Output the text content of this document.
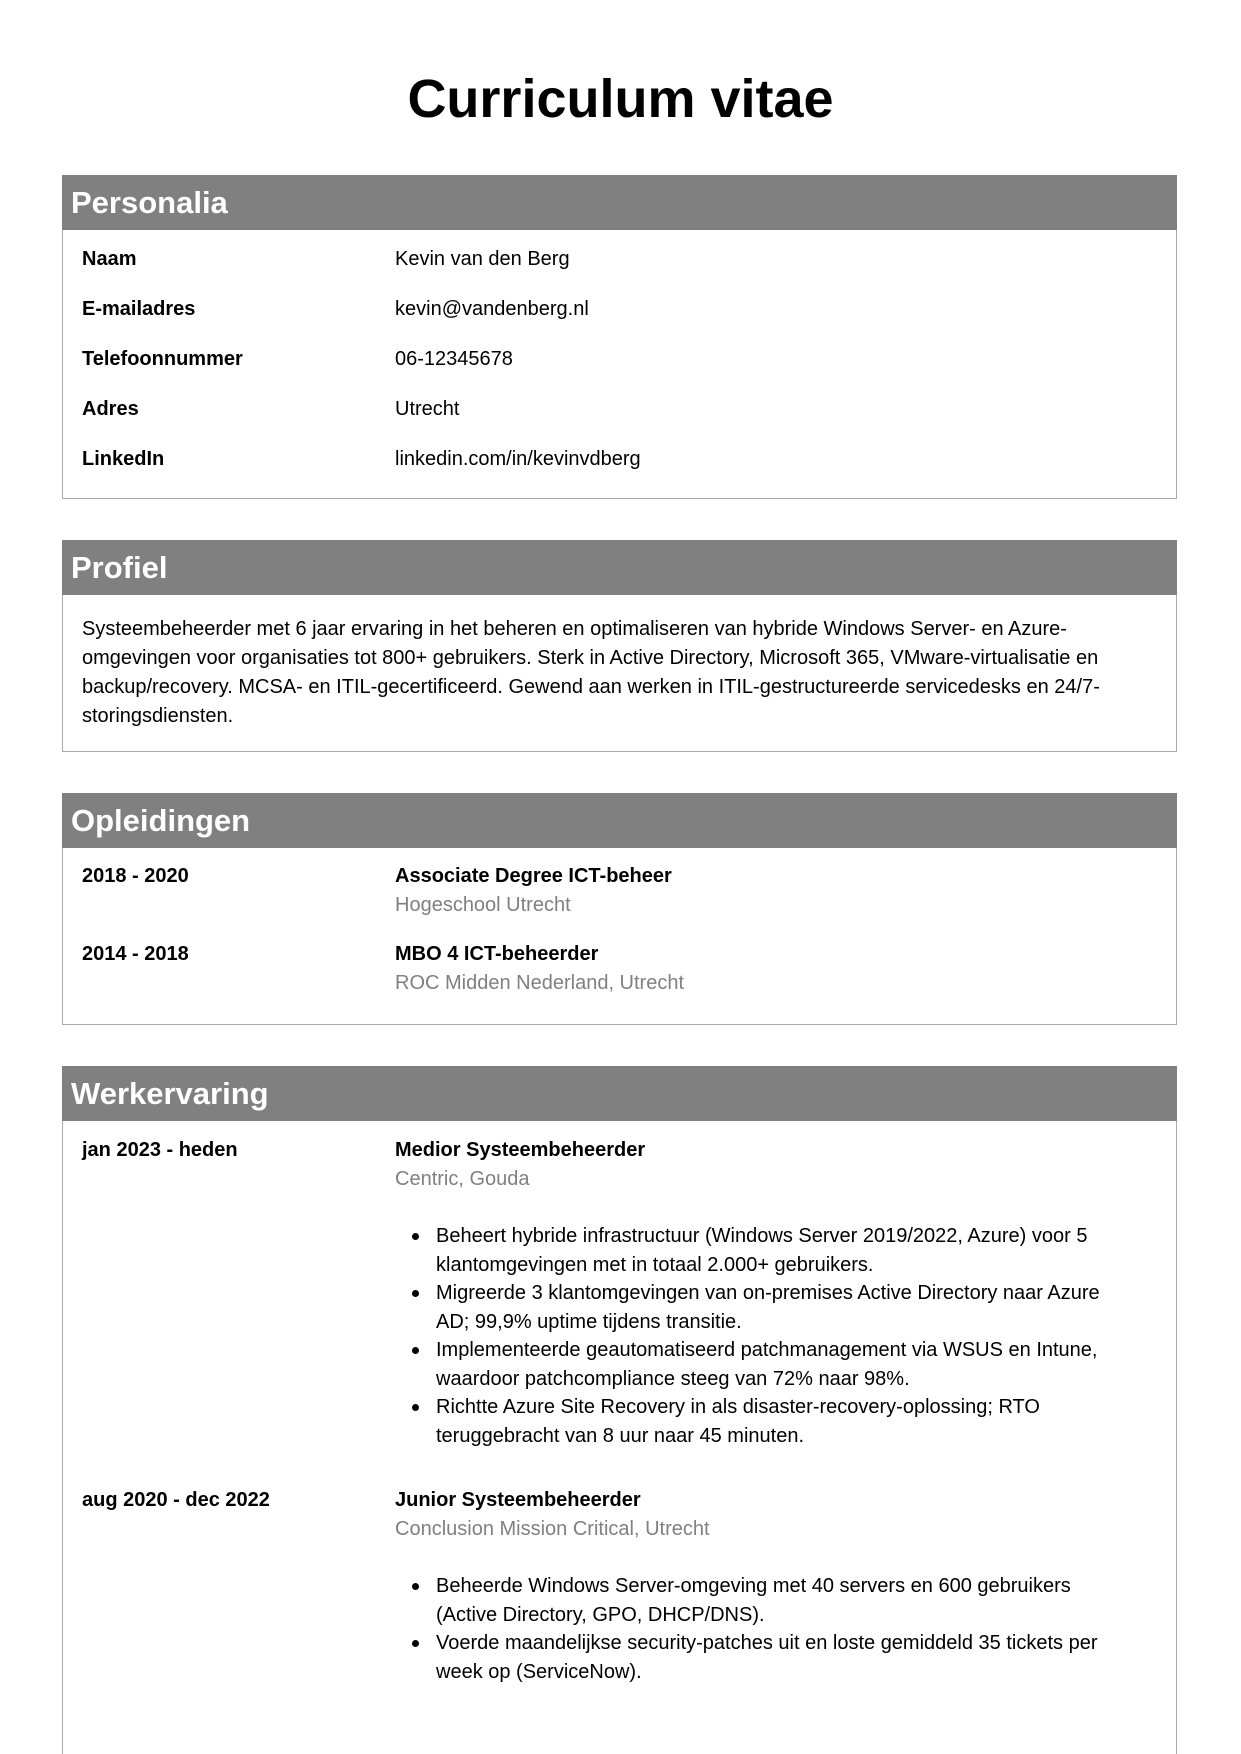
Curriculum vitae
Personalia
Naam	Kevin van den Berg
E-mailadres	kevin@vandenberg.nl
Telefoonnummer	06-12345678
Adres	Utrecht
LinkedIn	linkedin.com/in/kevinvdberg
Profiel

Systeembeheerder met 6 jaar ervaring in het beheren en optimaliseren van hybride Windows Server- en Azure-omgevingen voor organisaties tot 800+ gebruikers. Sterk in Active Directory, Microsoft 365, VMware-virtualisatie en backup/recovery. MCSA- en ITIL-gecertificeerd. Gewend aan werken in ITIL-gestructureerde servicedesks en 24/7-storingsdiensten.

Opleidingen
2018 - 2020	Associate Degree ICT-beheer
Hogeschool Utrecht
2014 - 2018	MBO 4 ICT-beheerder
ROC Midden Nederland, Utrecht
Werkervaring
jan 2023 - heden	Medior Systeembeheerder
Centric, Gouda
Beheert hybride infrastructuur (Windows Server 2019/2022, Azure) voor 5 klantomgevingen met in totaal 2.000+ gebruikers.
Migreerde 3 klantomgevingen van on-premises Active Directory naar Azure AD; 99,9% uptime tijdens transitie.
Implementeerde geautomatiseerd patchmanagement via WSUS en Intune, waardoor patchcompliance steeg van 72% naar 98%.
Richtte Azure Site Recovery in als disaster-recovery-oplossing; RTO teruggebracht van 8 uur naar 45 minuten.
aug 2020 - dec 2022	Junior Systeembeheerder
Conclusion Mission Critical, Utrecht
Beheerde Windows Server-omgeving met 40 servers en 600 gebruikers (Active Directory, GPO, DHCP/DNS).
Voerde maandelijkse security-patches uit en loste gemiddeld 35 tickets per week op (ServiceNow).
